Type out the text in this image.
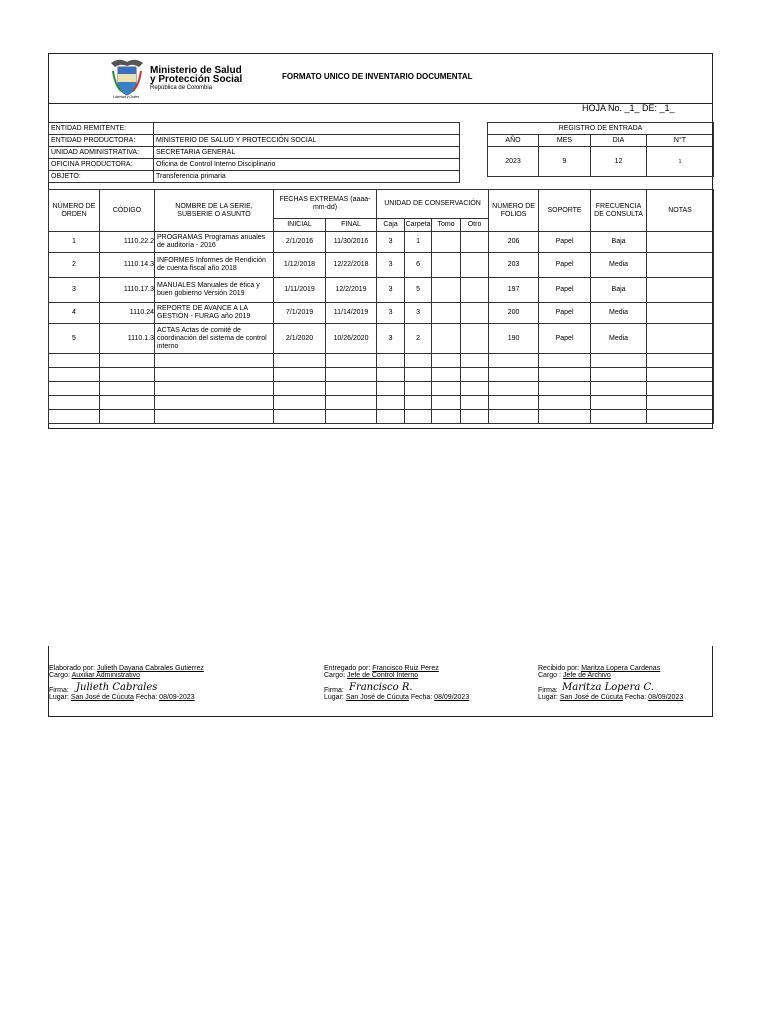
Libertad y Orden
Ministerio de Salud
y Protección Social
República de Colombia
FORMATO UNICO DE INVENTARIO DOCUMENTAL
HOJA No. _1_ DE: _1_
ENTIDAD REMITENTE:	
ENTIDAD PRODUCTORA:	MINISTERIO DE SALUD Y PROTECCIÓN SOCIAL
UNIDAD ADMINISTRATIVA:	SECRETARIA GENERAL
OFICINA PRODUCTORA:	Oficina de Control Interno Disciplinario
OBJETO:	Transferencia primaria
REGISTRO DE ENTRADA			
AÑO	MES	DIA	N°T
2023	9	12	1
NÚMERO DE ORDEN	CÓDIGO	NOMBRE DE LA SERIE, SUBSERIE O ASUNTO	FECHAS EXTREMAS (aaaa-mm-dd)		UNIDAD DE CONSERVACIÓN				NÚMERO DE FOLIOS	SOPORTE	FRECUENCIA DE CONSULTA	NOTAS
			INICIAL	FINAL	Caja	Carpeta	Tomo	Otro				
1	1110.22.2	PROGRAMAS Programas anuales de auditoría - 2016	2/1/2016	11/30/2016	3	1			206	Papel	Baja	
2	1110.14.3	INFORMES Informes de Rendición de cuenta fiscal año 2018	1/12/2018	12/22/2018	3	6			203	Papel	Media	
3	1110.17.3	MANUALES Manuales de ética y buen gobierno Versión 2019	1/11/2019	12/2/2019	3	5			197	Papel	Baja	
4	1110.24	REPORTE DE AVANCE A LA GESTIÓN - FURAG año 2019	7/1/2019	11/14/2019	3	3			200	Papel	Media	
5	1110.1.3	ACTAS Actas de comité de coordinación del sistema de control interno	2/1/2020	10/26/2020	3	2			190	Papel	Media	

Elaborado por: Julieth Dayana Cabrales Gutierrez
Cargo: Auxiliar Administrativo
Firma: Julieth Cabrales
Lugar: San José de Cúcuta Fecha: 08/09-2023
Entregado por: Francisco Ruiz Perez
Cargo: Jefe de Control Interno
Firma: Francisco R.
Lugar: San José de Cúcuta Fecha: 08/09/2023
Recibido por: Maritza Lopera Cardenas
Cargo : Jefe de Archivo
Firma: Maritza Lopera C.
Lugar: San José de Cúcuta Fecha: 08/09/2023
